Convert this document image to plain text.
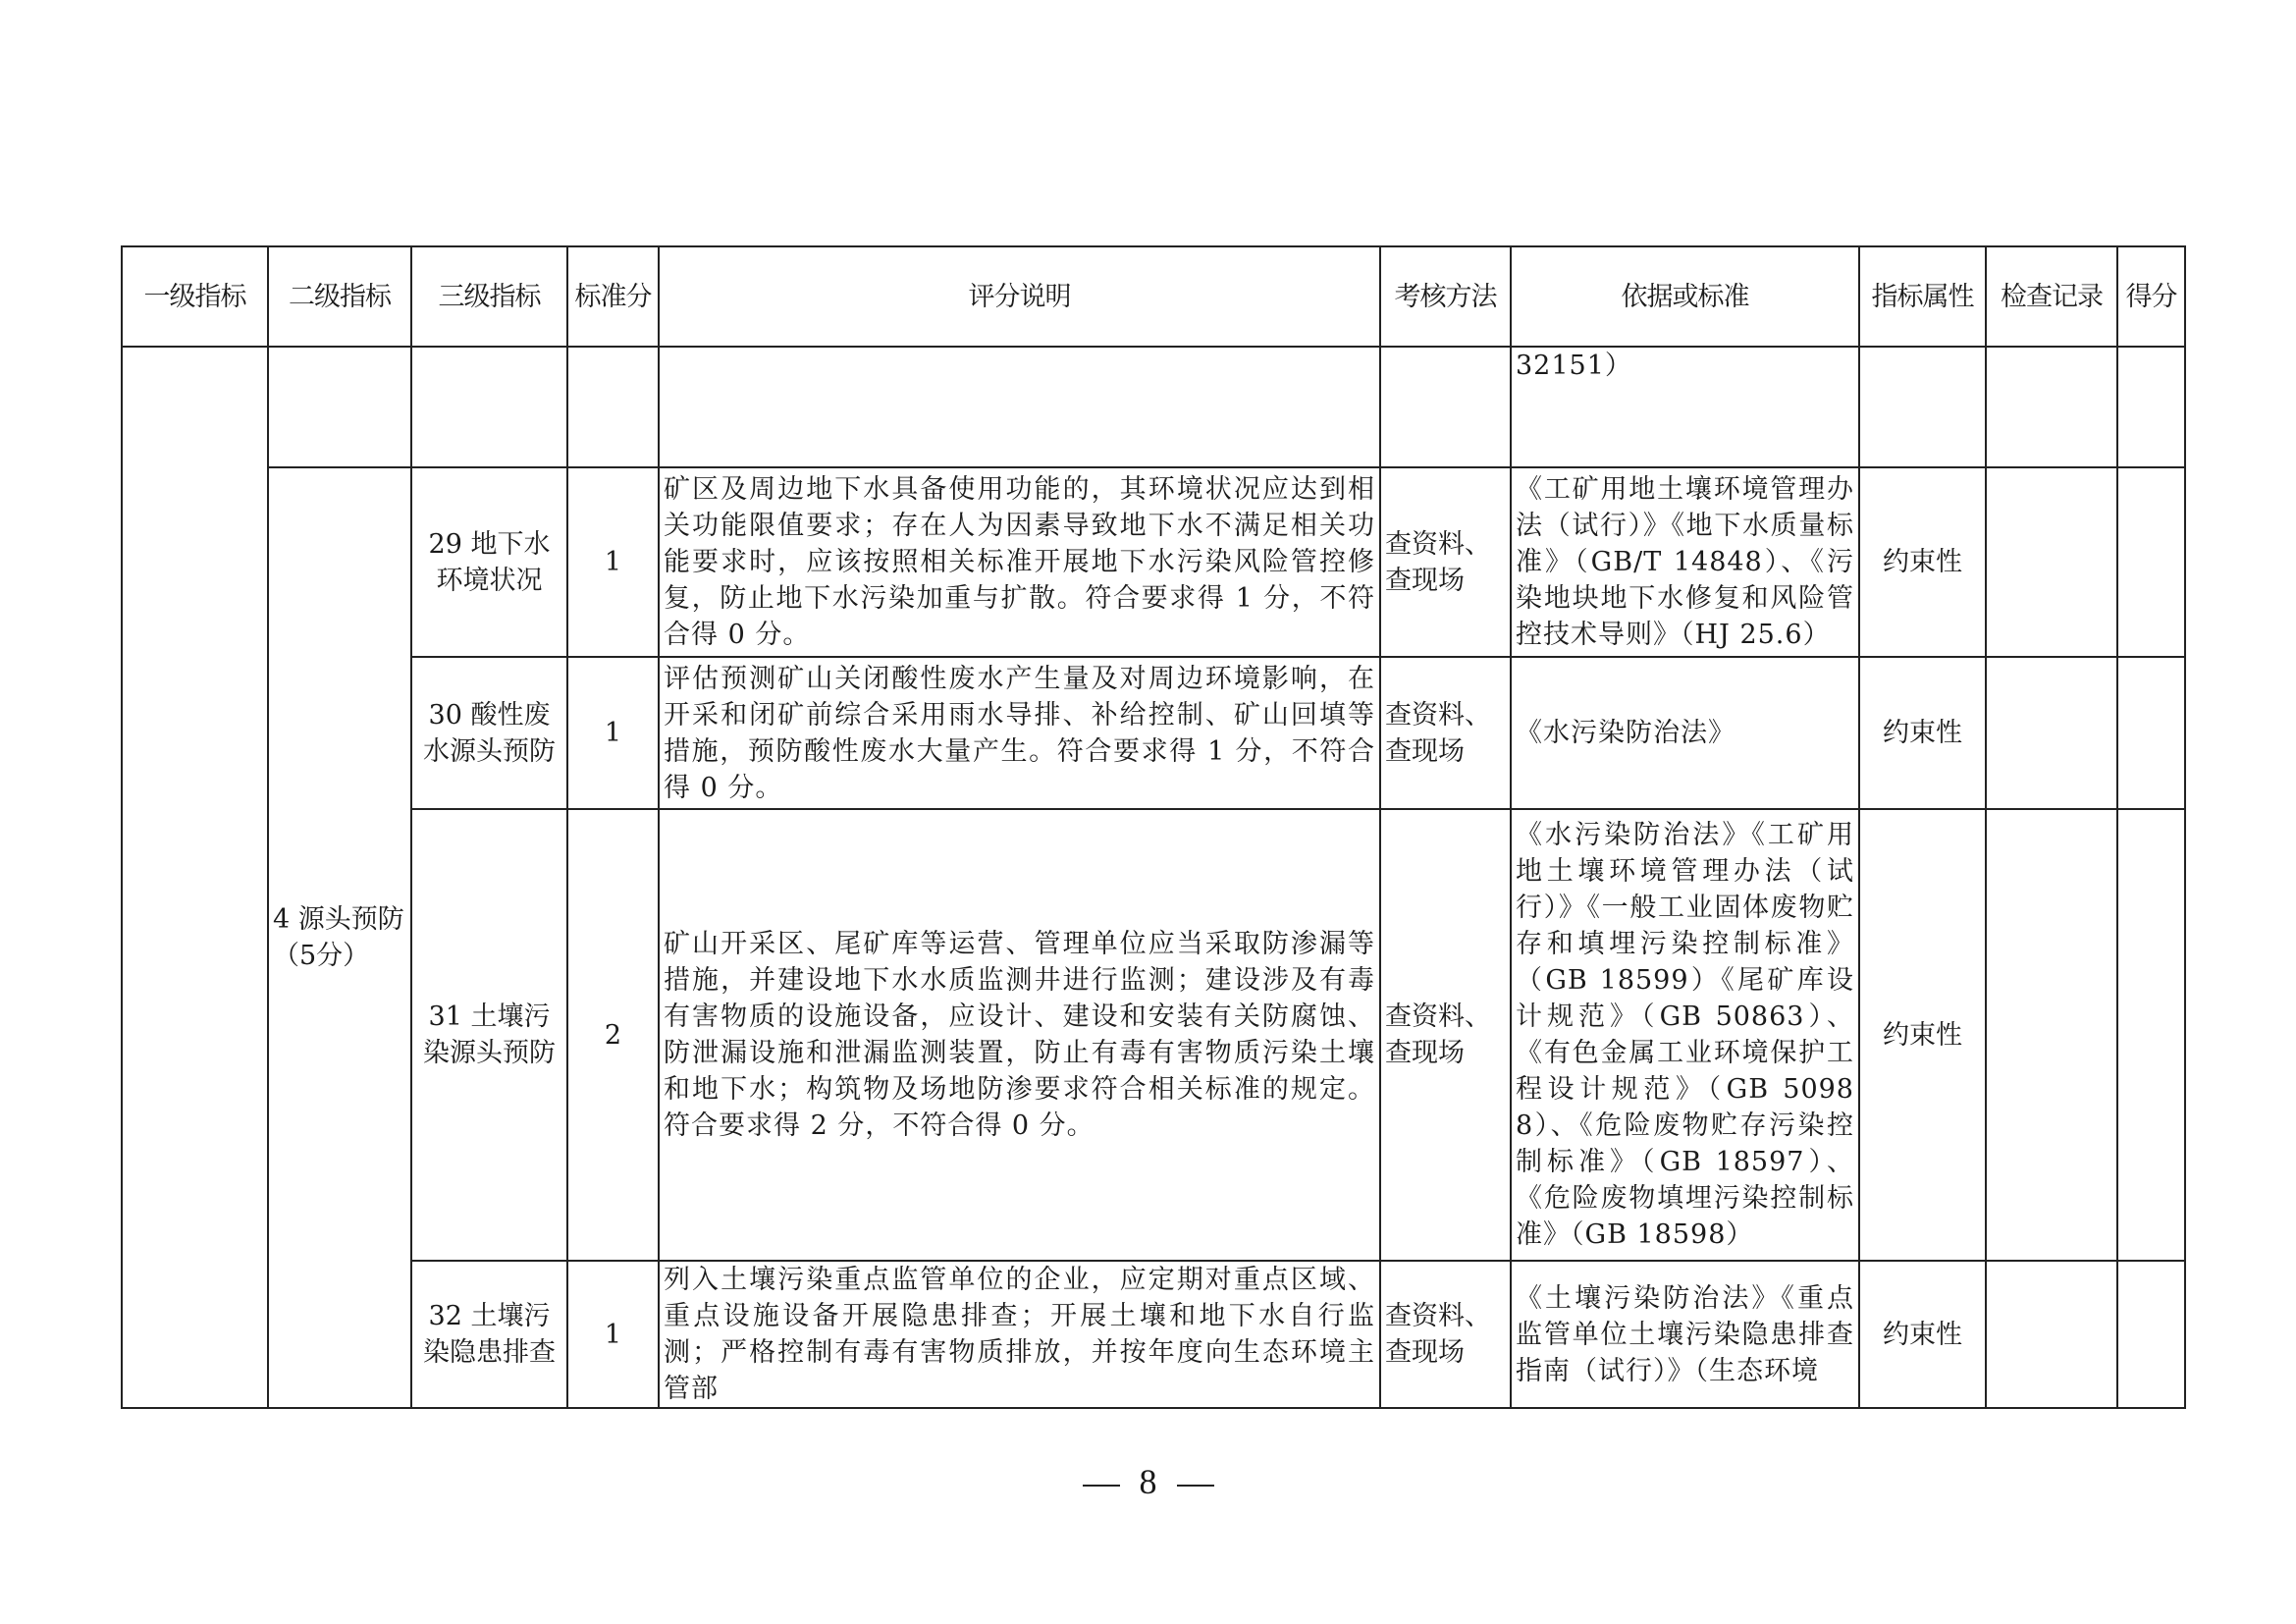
一级指标	二级指标	三级指标	标准分	评分说明	考核方法	依据或标准	指标属性	检查记录	得分
						32151）			
	4 源头预防（5分）	29 地下水环境状况	1	矿区及周边地下水具备使用功能的，其环境状况应达到相关功能限值要求；存在人为因素导致地下水不满足相关功能要求时，应该按照相关标准开展地下水污染风险管控修复，防止地下水污染加重与扩散。符合要求得 1 分，不符合得 0 分。	查资料、查现场	《工矿用地土壤环境管理办法（试行）》《地下水质量标准》（GB/T 14848）、《污染地块地下水修复和风险管控技术导则》（HJ 25.6）	约束性		
		30 酸性废水源头预防	1	评估预测矿山关闭酸性废水产生量及对周边环境影响，在开采和闭矿前综合采用雨水导排、补给控制、矿山回填等措施，预防酸性废水大量产生。符合要求得 1 分，不符合得 0 分。	查资料、查现场	《水污染防治法》	约束性		
		31 土壤污染源头预防	2	矿山开采区、尾矿库等运营、管理单位应当采取防渗漏等措施，并建设地下水水质监测井进行监测；建设涉及有毒有害物质的设施设备，应设计、建设和安装有关防腐蚀、防泄漏设施和泄漏监测装置，防止有毒有害物质污染土壤和地下水；构筑物及场地防渗要求符合相关标准的规定。符合要求得 2 分，不符合得 0 分。	查资料、查现场	《水污染防治法》《工矿用地土壤环境管理办法（试行）》《一般工业固体废物贮存和填埋污染控制标准》（GB 18599）《尾矿库设计规范》（GB 50863）、《有色金属工业环境保护工程设计规范》（GB 50988）、《危险废物贮存污染控制标准》（GB 18597）、《危险废物填埋污染控制标准》（GB 18598）	约束性		
		32 土壤污染隐患排查	1	列入土壤污染重点监管单位的企业，应定期对重点区域、重点设施设备开展隐患排查；开展土壤和地下水自行监测；严格控制有毒有害物质排放，并按年度向生态环境主管部	查资料、查现场	《土壤污染防治法》《重点监管单位土壤污染隐患排查指南（试行）》（生态环境	约束性		

8
